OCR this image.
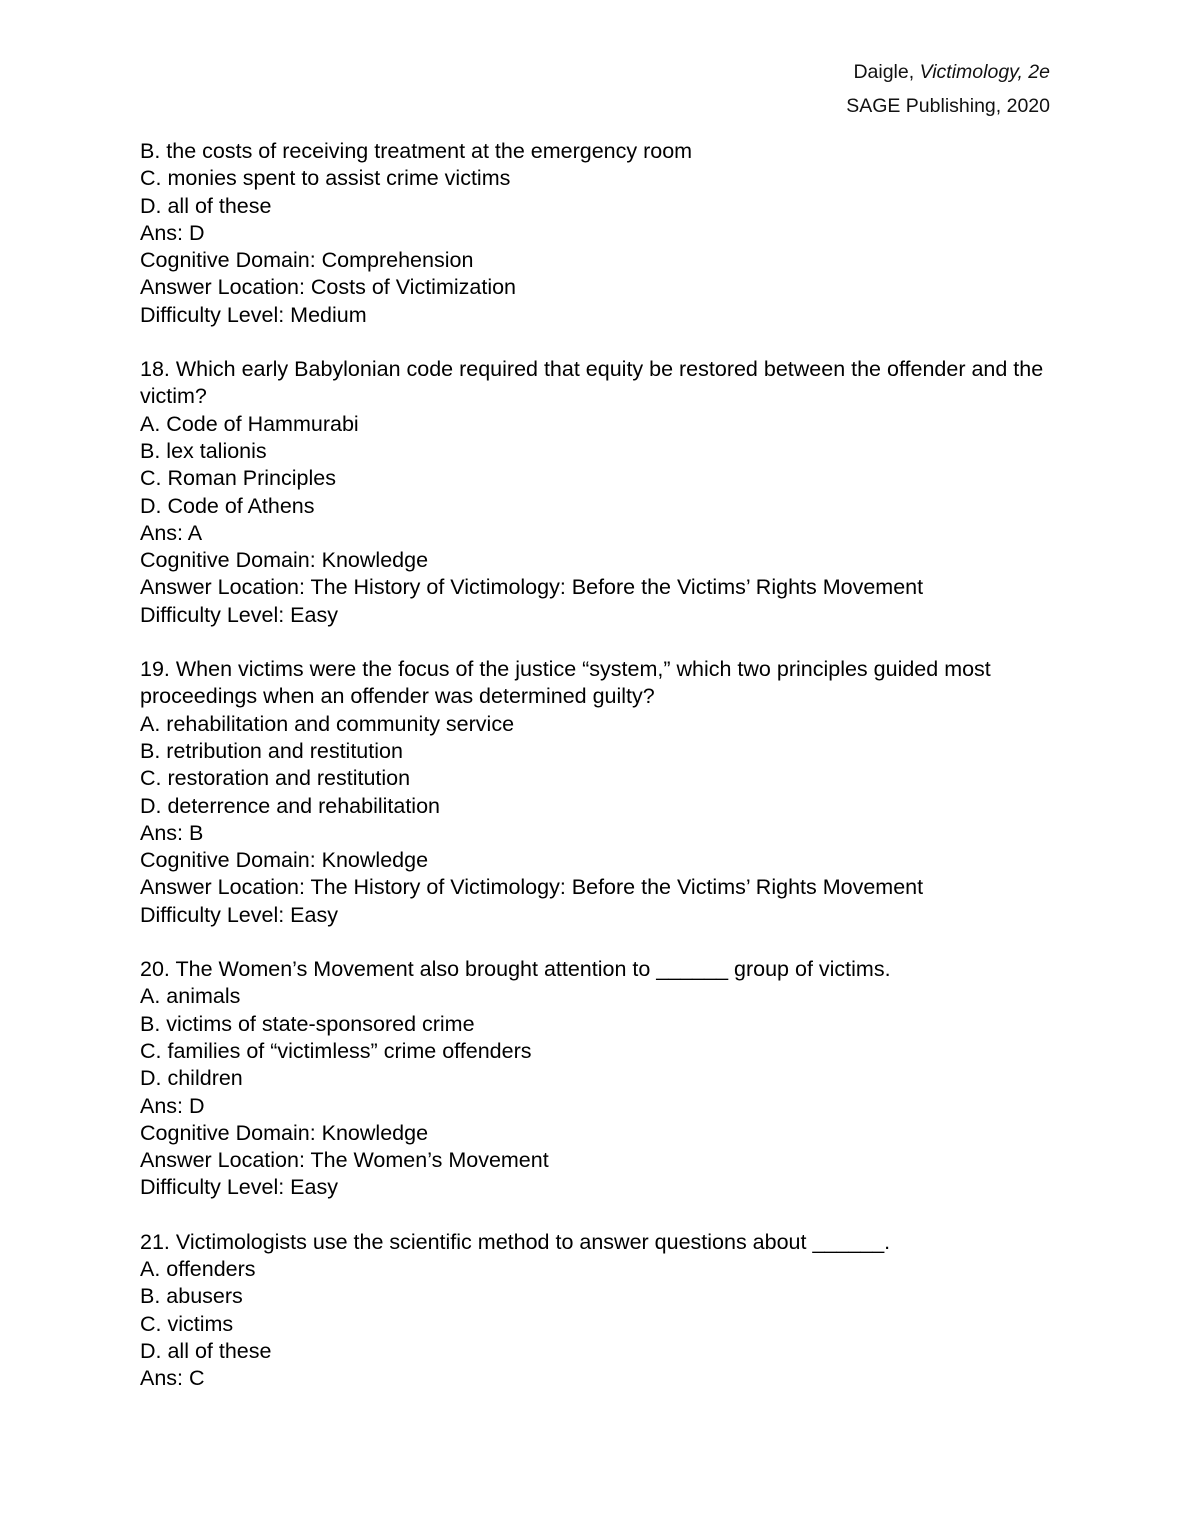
Daigle, Victimology, 2e
SAGE Publishing, 2020
B. the costs of receiving treatment at the emergency room
C. monies spent to assist crime victims
D. all of these
Ans: D
Cognitive Domain: Comprehension
Answer Location: Costs of Victimization
Difficulty Level: Medium
18. Which early Babylonian code required that equity be restored between the offender and the victim?
A. Code of Hammurabi
B. lex talionis
C. Roman Principles
D. Code of Athens
Ans: A
Cognitive Domain: Knowledge
Answer Location: The History of Victimology: Before the Victims’ Rights Movement
Difficulty Level: Easy
19. When victims were the focus of the justice “system,” which two principles guided most proceedings when an offender was determined guilty?
A. rehabilitation and community service
B. retribution and restitution
C. restoration and restitution
D. deterrence and rehabilitation
Ans: B
Cognitive Domain: Knowledge
Answer Location: The History of Victimology: Before the Victims’ Rights Movement
Difficulty Level: Easy
20. The Women’s Movement also brought attention to ______ group of victims.
A. animals
B. victims of state-sponsored crime
C. families of “victimless” crime offenders
D. children
Ans: D
Cognitive Domain: Knowledge
Answer Location: The Women’s Movement
Difficulty Level: Easy
21. Victimologists use the scientific method to answer questions about ______.
A. offenders
B. abusers
C. victims
D. all of these
Ans: C
